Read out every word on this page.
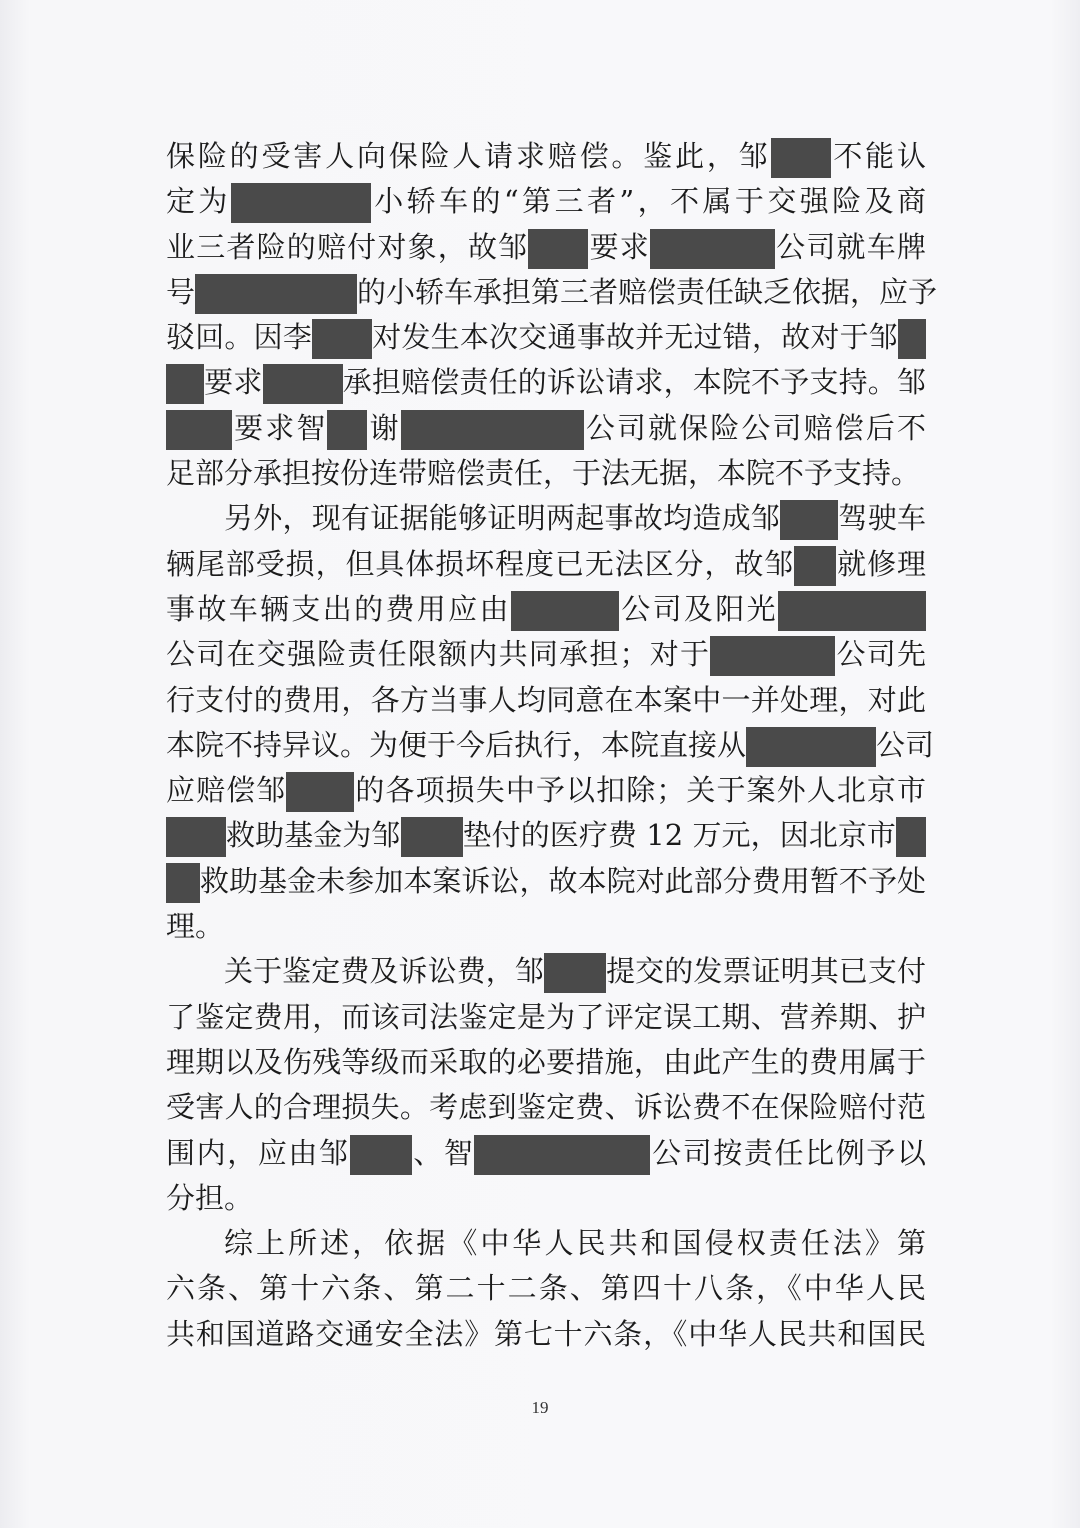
保险的受害人向保险人请求赔偿。鉴此，邹 不能认
定为	小轿车的“第三者”，不属于交强险及商
业三者险的赔付对象，故邹 要求	公司就车牌
号	的小轿车承担第三者赔偿责任缺乏依据，应予
驳回。因李 对发生本次交通事故并无过错，故对于邹
要求	承担赔偿责任的诉讼请求，本院不予支持。邹
要求智 谢	公司就保险公司赔偿后不
足部分承担按份连带赔偿责任，于法无据，本院不予支持。
另外，现有证据能够证明两起事故均造成邹 驾驶车
辆尾部受损，但具体损坏程度已无法区分，故邹 就修理
事故车辆支出的费用应由	公司及阳光
公司在交强险责任限额内共同承担；对于	公司先
行支付的费用，各方当事人均同意在本案中一并处理，对此
本院不持异议。为便于今后执行，本院直接从	公司
应赔偿邹 的各项损失中予以扣除；关于案外人北京市
救助基金为邹 垫付的医疗费 12 万元，因北京市
救助基金未参加本案诉讼，故本院对此部分费用暂不予处
理。
关于鉴定费及诉讼费，邹 提交的发票证明其已支付
了鉴定费用，而该司法鉴定是为了评定误工期、营养期、护
理期以及伤残等级而采取的必要措施，由此产生的费用属于
受害人的合理损失。考虑到鉴定费、诉讼费不在保险赔付范
围内，应由邹 、智	公司按责任比例予以
分担。
综上所述，依据《中华人民共和国侵权责任法》第
六条、第十六条、第二十二条、第四十八条，《中华人民
共和国道路交通安全法》第七十六条，《中华人民共和国民
19
